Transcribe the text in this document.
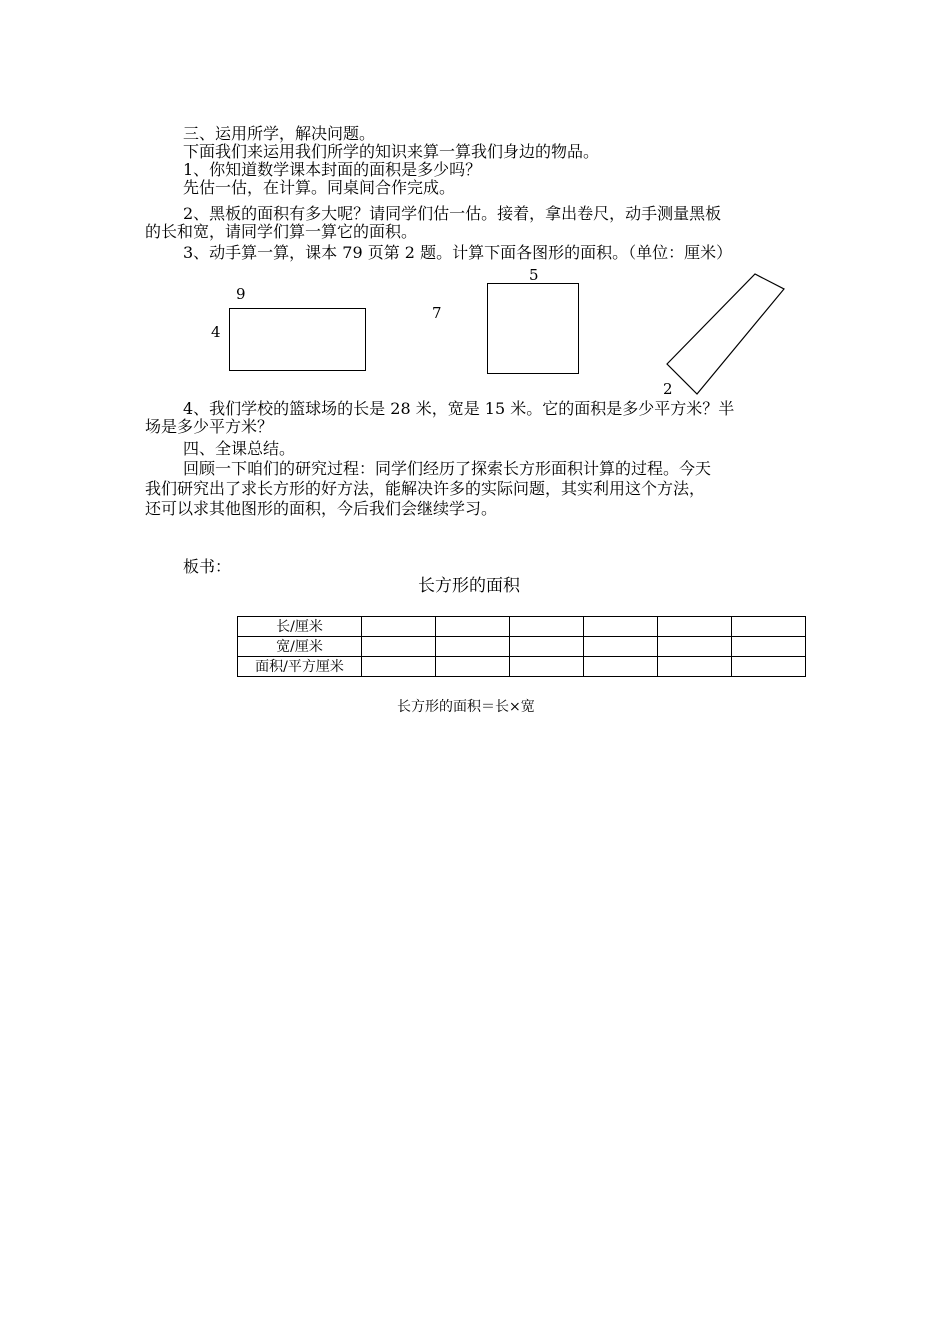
三、运用所学，解决问题。

下面我们来运用我们所学的知识来算一算我们身边的物品。

1、你知道数学课本封面的面积是多少吗？

先估一估，在计算。同桌间合作完成。

2、黑板的面积有多大呢？请同学们估一估。接着，拿出卷尺，动手测量黑板

的长和宽，请同学们算一算它的面积。

3、动手算一算，课本 79 页第 2 题。计算下面各图形的面积。（单位：厘米）

9
4
5
7
2

4、我们学校的篮球场的长是 28 米，宽是 15 米。它的面积是多少平方米？半

场是多少平方米？

四、全课总结。

回顾一下咱们的研究过程：同学们经历了探索长方形面积计算的过程。今天

我们研究出了求长方形的好方法，能解决许多的实际问题，其实利用这个方法，

还可以求其他图形的面积，今后我们会继续学习。

板书：

长方形的面积
长/厘米						
宽/厘米						
面积/平方厘米						
长方形的面积＝长×宽
